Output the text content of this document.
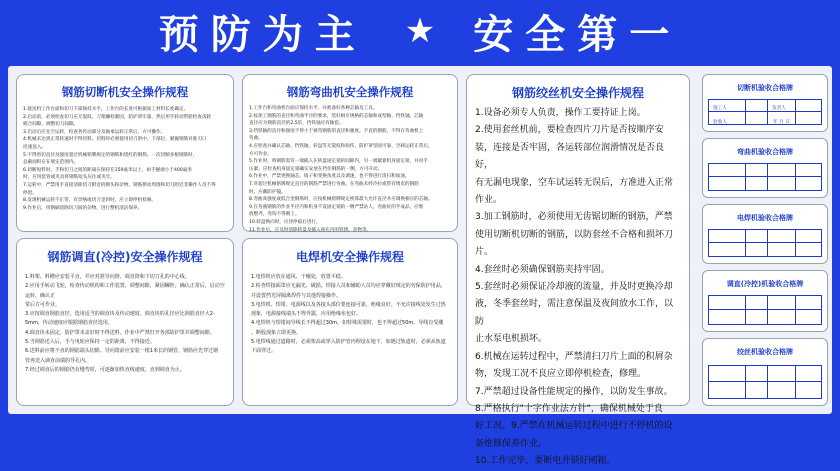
预防为主 ★ 安全第一
钢筋切断机安全操作规程
1.接送料工作台面和切刀下部保持水平，工作台的长度可根据加工材料长度确定。
2.启动前，必须检查切刀应无裂纹，刀架螺栓紧固，防护罩牢靠。然后用手转动带轮检查齿轮
啮合间隙，调整切刀间隙。
3.启动后应先空运转，检查各传动部分及轴承运转正常后，方可操作。
4.机械未达到正常转速时不得切料。切料时必须使用切刀的中、下部位，紧握钢筋对准刃口
迅速送入。
5.不得剪切直径及强度超过机械铭牌规定的钢筋和烧红的钢筋。一次切断多根钢筋时，
总截面积应在规定范围内。
6.切断短料时，手和切刀之间的距离应保持在150毫米以上，如手握端小于400毫米
时，应用套管或夹具将钢筋短头压住或夹牢。
7.运转中，严禁用手直接清除切刀附近的断头和杂物。钢筋摆动周围和切刀附近非操作人员不得
停留。
8.发现机械运转不正常、有异响或切刀歪斜时，应立即停机检修。
9.作业后，用钢刷清除切刀间的杂物，进行整机清洁保养。
钢筋弯曲机安全操作规程
1.工作台和弯曲机台面应保持水平，并准备好各种芯轴及工具。
2.按加工钢筋的直径和弯曲半径的要求，装好相应规格的芯轴和成型轴、挡铁轴。芯轴
直径应为钢筋直径的2.5倍，挡铁轴应有轴套。
3.挡铁轴的直径和强度不得小于被弯钢筋的直径和强度。不直的钢筋，不得在弯曲机上
弯曲。
4.应检查并确认芯轴、挡铁轴、转盘等无裂纹和损伤，防护罩坚固可靠，空载运转正常后，
方可作业。
5.作业时，将钢筋需弯一端插入在转盘固定销的间隙内，另一端紧靠机身固定销，并用手
压紧，应检查机身固定销确实安放在挡住钢筋的一侧，方可开动。
6.作业中，严禁更换轴芯、销子和变换角度以及调速，也不得进行清扫和加油。
7.对超过机械铭牌规定直径的钢筋严禁进行弯曲。在弯曲未经冷拉或带有锈皮的钢筋
时，应戴防护镜。
8.弯曲高强度或低合金钢筋时，应按机械铭牌规定换算最大允许直径并应调换相应的芯轴。
9.在弯曲钢筋的作业半径内和机身不设固定销的一侧严禁站人。弯曲好的半成品，应堆
放整齐，弯钩不得朝上。
10.转盘换向时，应待停稳后进行。
11.作业后，应及时清除转盘及插入座孔内的铁锈、杂物等。
钢筋绞丝机安全操作规程
1.设备必须专人负责，操作工要持证上岗。
2.使用套丝机前，要检查四片刀片是否按顺序安
装，连接是否牢固，各运转部位润滑情况是否良好，
有无漏电现象，空车试运转无误后，方准进入正常
作业。
3.加工钢筋时，必须使用无齿锯切断的钢筋，严禁
使用切断机切断的钢筋，以防套丝不合格和损坏刀
片。
4.套丝时必须确保钢筋夹持牢固。
5.套丝时必须保证冷却液的流量，并及时更换冷却
液，冬季套丝时，需注意保温及夜间放水工作，以防
止水泵电机损坏。
6.机械在运转过程中，严禁清扫刀片上面的积屑杂
物，发现工况不良应立即停机检查，修理。
7.严禁超过设备性能规定的操作，以防发生事故。
8.严格执行"十字作业法方针"，确保机械处于良
好工况。9.严禁在机械运转过程中进行不停机的设
备维修保养作业。
10.工作完毕，要断电并锁好闸箱。
钢筋调直(冷控)安全操作规程
1.料架、料槽应安装平直，并应对准导向筒、调直筒和下切刀孔的中心线。
2.应用手转动飞轮，检查传动机构和工作装置，调整间隙，紧固螺栓，确认正常后，启动空运转，确认正
常后方可作业。
3.应按调直钢筋直径，选用适当的调直块及传动速度。调直块的孔径应比钢筋直径大2-
5mm，传动速度应根据钢筋直径选用。
4.调直块未固定，防护罩未盖好时不得送料。作业中严禁打开各部防护罩并调整间隙。
5.当钢筋送入后，手与曳轮应保持一定的距离，不得接近。
6.送料前应将不直的钢筋端头切除。导向筒前应安装一根1米长的钢管，钢筋应先穿过钢
管再送入调直前端的导孔内。
7.经过调直后的钢筋仍有慢弯时，可逐渐加快直线速度，直到调直为止。
电焊机安全操作规程
1.电焊机应放在通风、干燥处，放置平稳。
2.检查焊接面罩应无漏光、破损。焊接人员和辅助人员均应穿戴好规定的劳保防护用品，
并设置挡光屏隔离焊件与其他焊接操作。
3.电焊机、焊钳、电源线以及各接头部位要连接可靠，绝缘良好。不允许接线处发生过热
现象，电源接线端头不得外露，应用绝缘布包好。
4.电焊机与焊钳间导线长不得超过30m，如特殊需要时，也不得超过50m。导线有受潮
、断股现象立即更换。
5.电焊线通过道路时，必须架高或穿入防护管内埋设在地下，如遇过轨道时，必须从轨道
下面穿过。
切断机验收合格牌
施工人	负责人
验收人	年 月 日
弯曲机验收合格牌
电焊机验收合格牌
调直(冷控)机验收合格牌
绞丝机验收合格牌
